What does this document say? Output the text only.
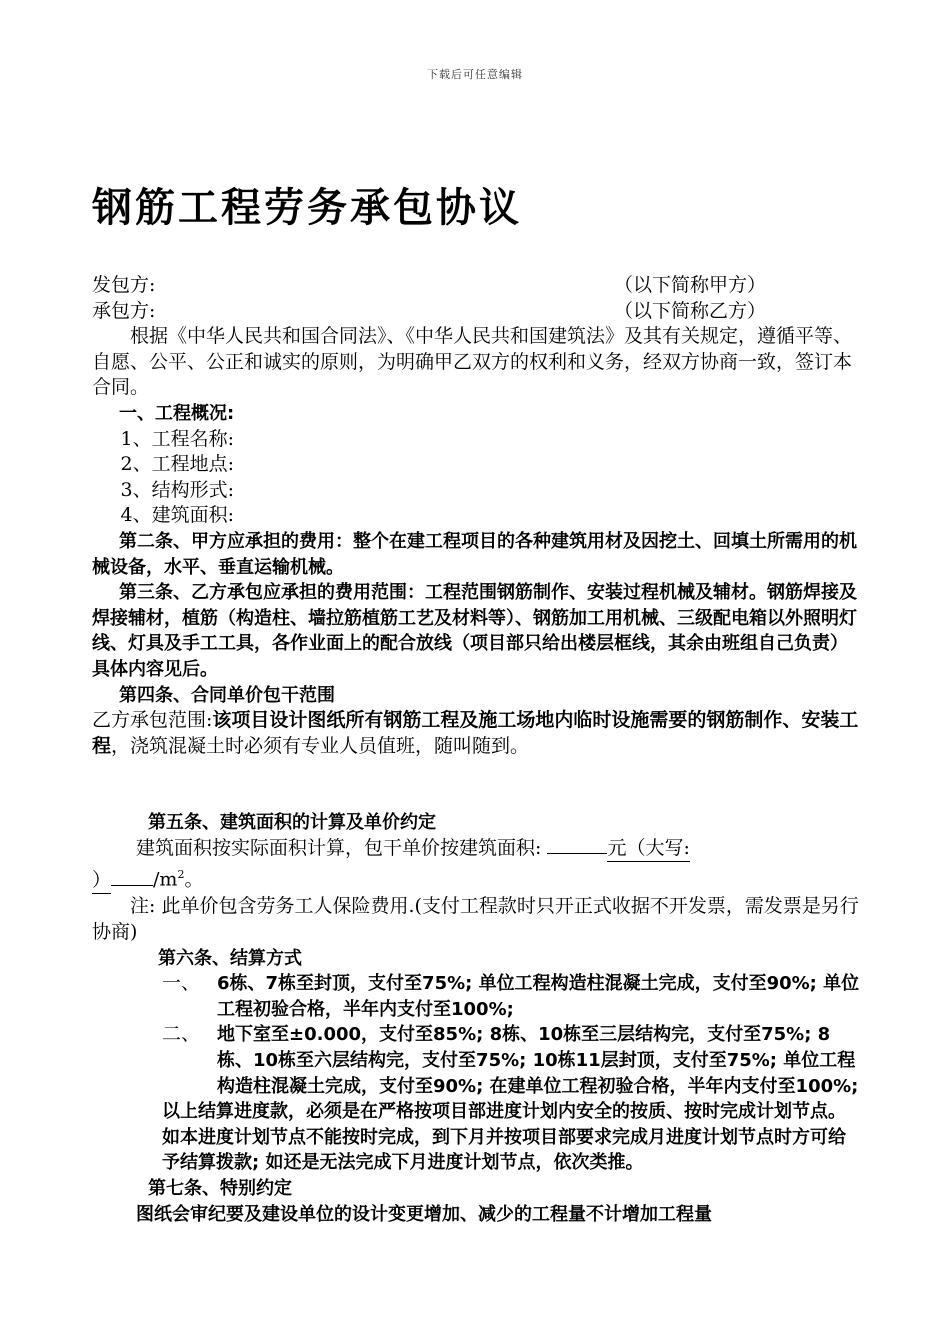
下载后可任意编辑
钢筋工程劳务承包协议
发包方:	（以下简称甲方）
承包方:	（以下简称乙方）

根据《中华人民共和国合同法》、《中华人民共和国建筑法》及其有关规定，遵循平等、自愿、公平、公正和诚实的原则，为明确甲乙双方的权利和义务，经双方协商一致，签订本合同。

一、工程概况:

1、工程名称:

2、工程地点:

3、结构形式:

4、建筑面积:

第二条、甲方应承担的费用：整个在建工程项目的各种建筑用材及因挖土、回填土所需用的机械设备，水平、垂直运输机械。

第三条、乙方承包应承担的费用范围：工程范围钢筋制作、安装过程机械及辅材。钢筋焊接及焊接辅材，植筋（构造柱、墙拉筋植筋工艺及材料等）、钢筋加工用机械、三级配电箱以外照明灯线、灯具及手工工具，各作业面上的配合放线（项目部只给出楼层框线，其余由班组自己负责）具体内容见后。

第四条、合同单价包干范围

乙方承包范围:该项目设计图纸所有钢筋工程及施工场地内临时设施需要的钢筋制作、安装工程，浇筑混凝土时必须有专业人员值班，随叫随到。

第五条、建筑面积的计算及单价约定

建筑面积按实际面积计算，包干单价按建筑面积:	元（大写:

） $/m^2$。

注: 此单价包含劳务工人保险费用.(支付工程款时只开正式收据不开发票，需发票是另行协商)

第六条、结算方式

一、 6栋、7栋至封顶，支付至75%; 单位工程构造柱混凝土完成，支付至90%; 单位工程初验合格，半年内支付至100%;
二、 地下室至±0.000，支付至85%; 8栋、10栋至三层结构完，支付至75%; 8栋、10栋至六层结构完，支付至75%; 10栋11层封顶，支付至75%; 单位工程构造柱混凝土完成，支付至90%; 在建单位工程初验合格，半年内支付至100%;

以上结算进度款，必须是在严格按项目部进度计划内安全的按质、按时完成计划节点。如本进度计划节点不能按时完成，到下月并按项目部要求完成月进度计划节点时方可给予结算拨款; 如还是无法完成下月进度计划节点，依次类推。

第七条、特别约定

图纸会审纪要及建设单位的设计变更增加、减少的工程量不计增加工程量
